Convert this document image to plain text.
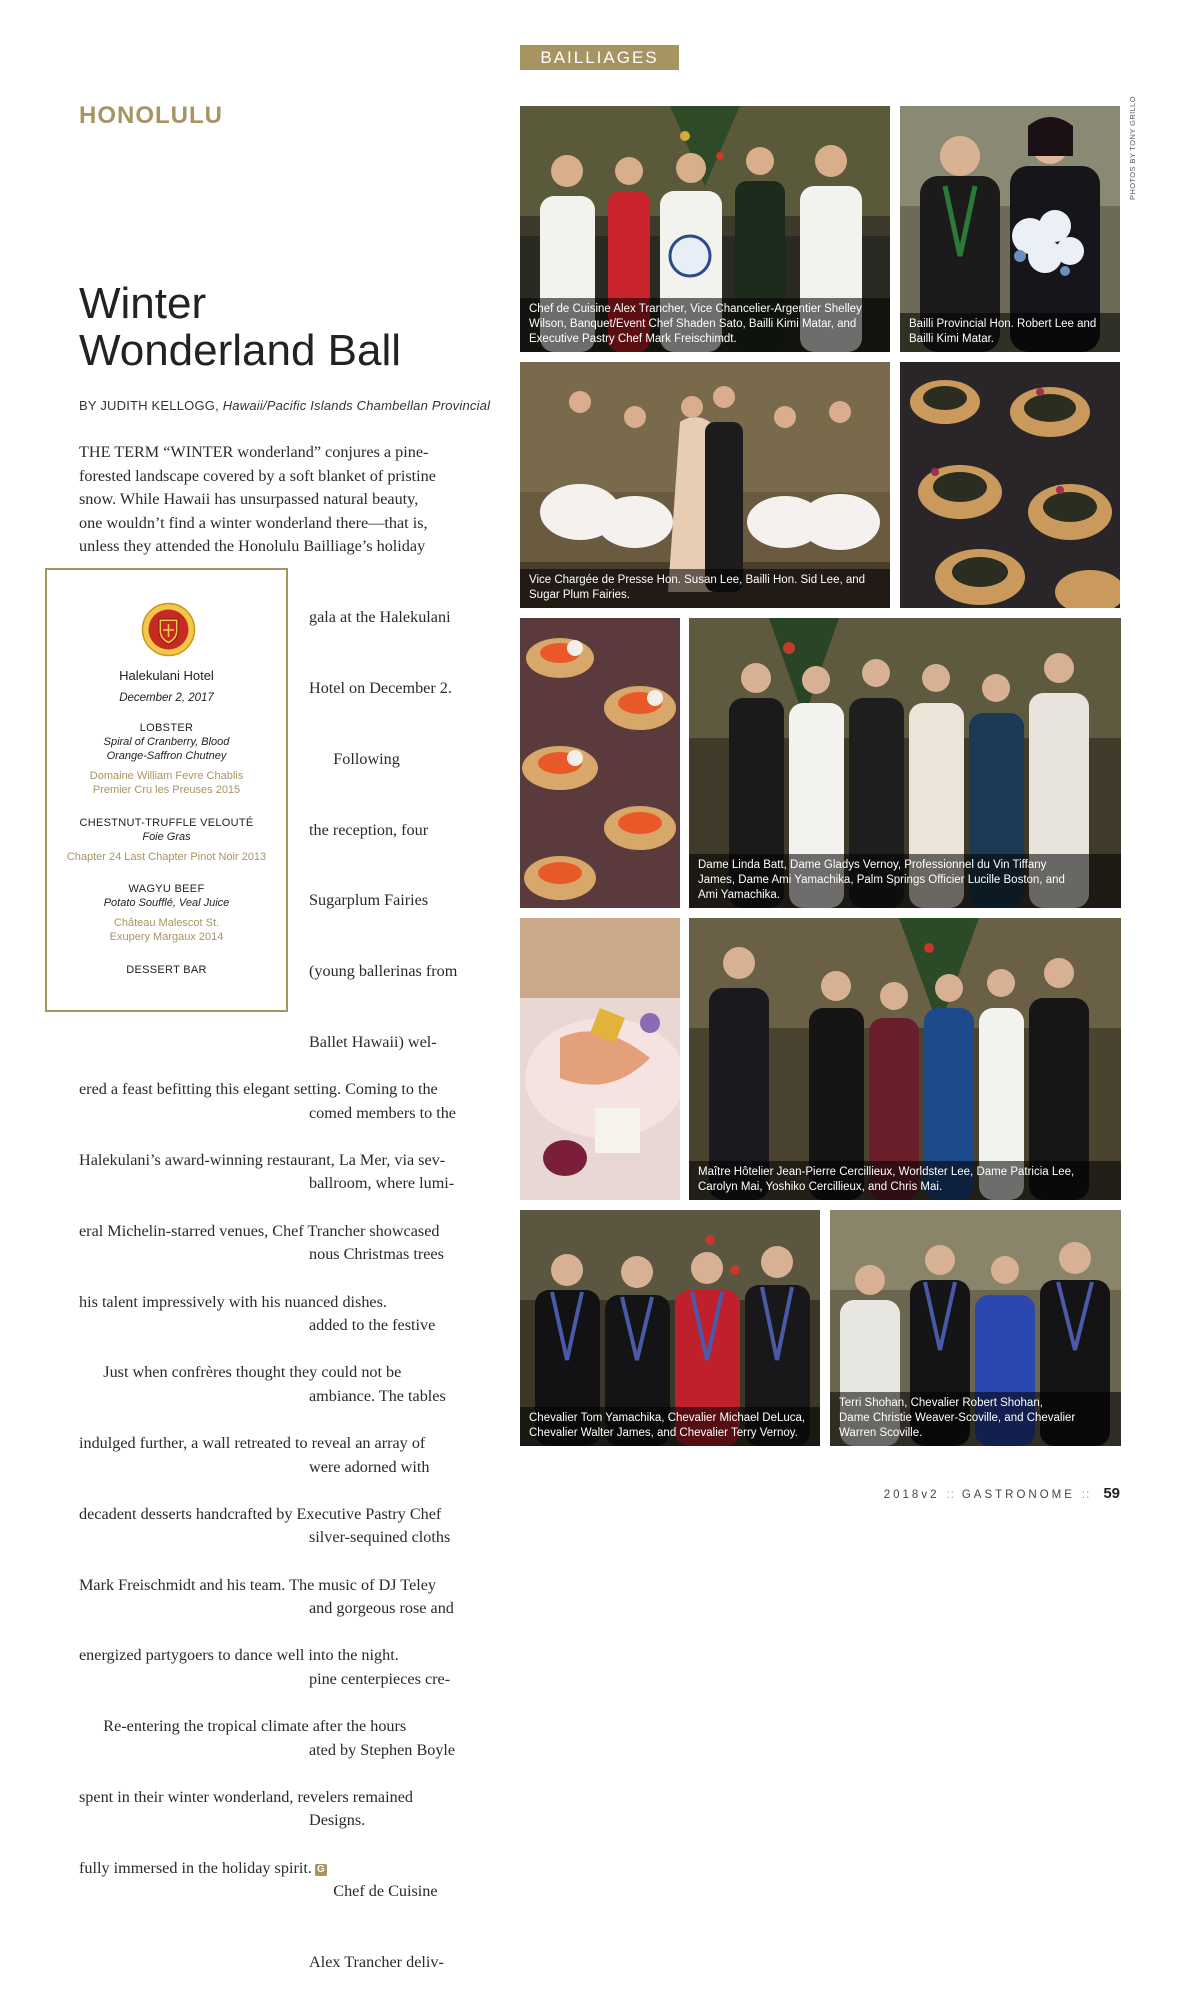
BAILLIAGES
HONOLULU
Winter
Wonderland Ball
BY JUDITH KELLOGG, Hawaii/Pacific Islands Chambellan Provincial

THE TERM “WINTER wonderland” conjures a pine-

forested landscape covered by a soft blanket of pristine

snow. While Hawaii has unsurpassed natural beauty,

one wouldn’t find a winter wonderland there—that is,

unless they attended the Honolulu Bailliage’s holiday

gala at the Halekulani

Hotel on December 2.

Following

the reception, four

Sugarplum Fairies

(young ballerinas from

Ballet Hawaii) wel-

comed members to the

ballroom, where lumi-

nous Christmas trees

added to the festive

ambiance. The tables

were adorned with

silver-sequined cloths

and gorgeous rose and

pine centerpieces cre-

ated by Stephen Boyle

Designs.

Chef de Cuisine

Alex Trancher deliv-

ered a feast befitting this elegant setting. Coming to the

Halekulani’s award-winning restaurant, La Mer, via sev-

eral Michelin-starred venues, Chef Trancher showcased

his talent impressively with his nuanced dishes.

Just when confrères thought they could not be

indulged further, a wall retreated to reveal an array of

decadent desserts handcrafted by Executive Pastry Chef

Mark Freischmidt and his team. The music of DJ Teley

energized partygoers to dance well into the night.

Re-entering the tropical climate after the hours

spent in their winter wonderland, revelers remained

fully immersed in the holiday spirit. G

Halekulani Hotel
December 2, 2017
LOBSTER
Spiral of Cranberry, Blood
Orange-Saffron Chutney
Domaine William Fevre Chablis
Premier Cru les Preuses 2015
CHESTNUT-TRUFFLE VELOUTÉ
Foie Gras
Chapter 24 Last Chapter Pinot Noir 2013
WAGYU BEEF
Potato Soufflé, Veal Juice
Château Malescot St.
Exupery Margaux 2014
DESSERT BAR
PHOTOS BY TONY GRILLO
Chef de Cuisine Alex Trancher, Vice Chancelier-Argentier Shelley
Wilson, Banquet/Event Chef Shaden Sato, Bailli Kimi Matar, and
Executive Pastry Chef Mark Freischimdt.
Bailli Provincial Hon. Robert Lee and
Bailli Kimi Matar.
Vice Chargée de Presse Hon. Susan Lee, Bailli Hon. Sid Lee, and
Sugar Plum Fairies.
Dame Linda Batt, Dame Gladys Vernoy, Professionnel du Vin Tiffany
James, Dame Ami Yamachika, Palm Springs Officier Lucille Boston, and
Ami Yamachika.
Maître Hôtelier Jean-Pierre Cercillieux, Worldster Lee, Dame Patricia Lee,
Carolyn Mai, Yoshiko Cercillieux, and Chris Mai.
Chevalier Tom Yamachika, Chevalier Michael DeLuca,
Chevalier Walter James, and Chevalier Terry Vernoy.
Terri Shohan, Chevalier Robert Shohan,
Dame Christie Weaver-Scoville, and Chevalier
Warren Scoville.
2018v2 :: GASTRONOME :: 59
